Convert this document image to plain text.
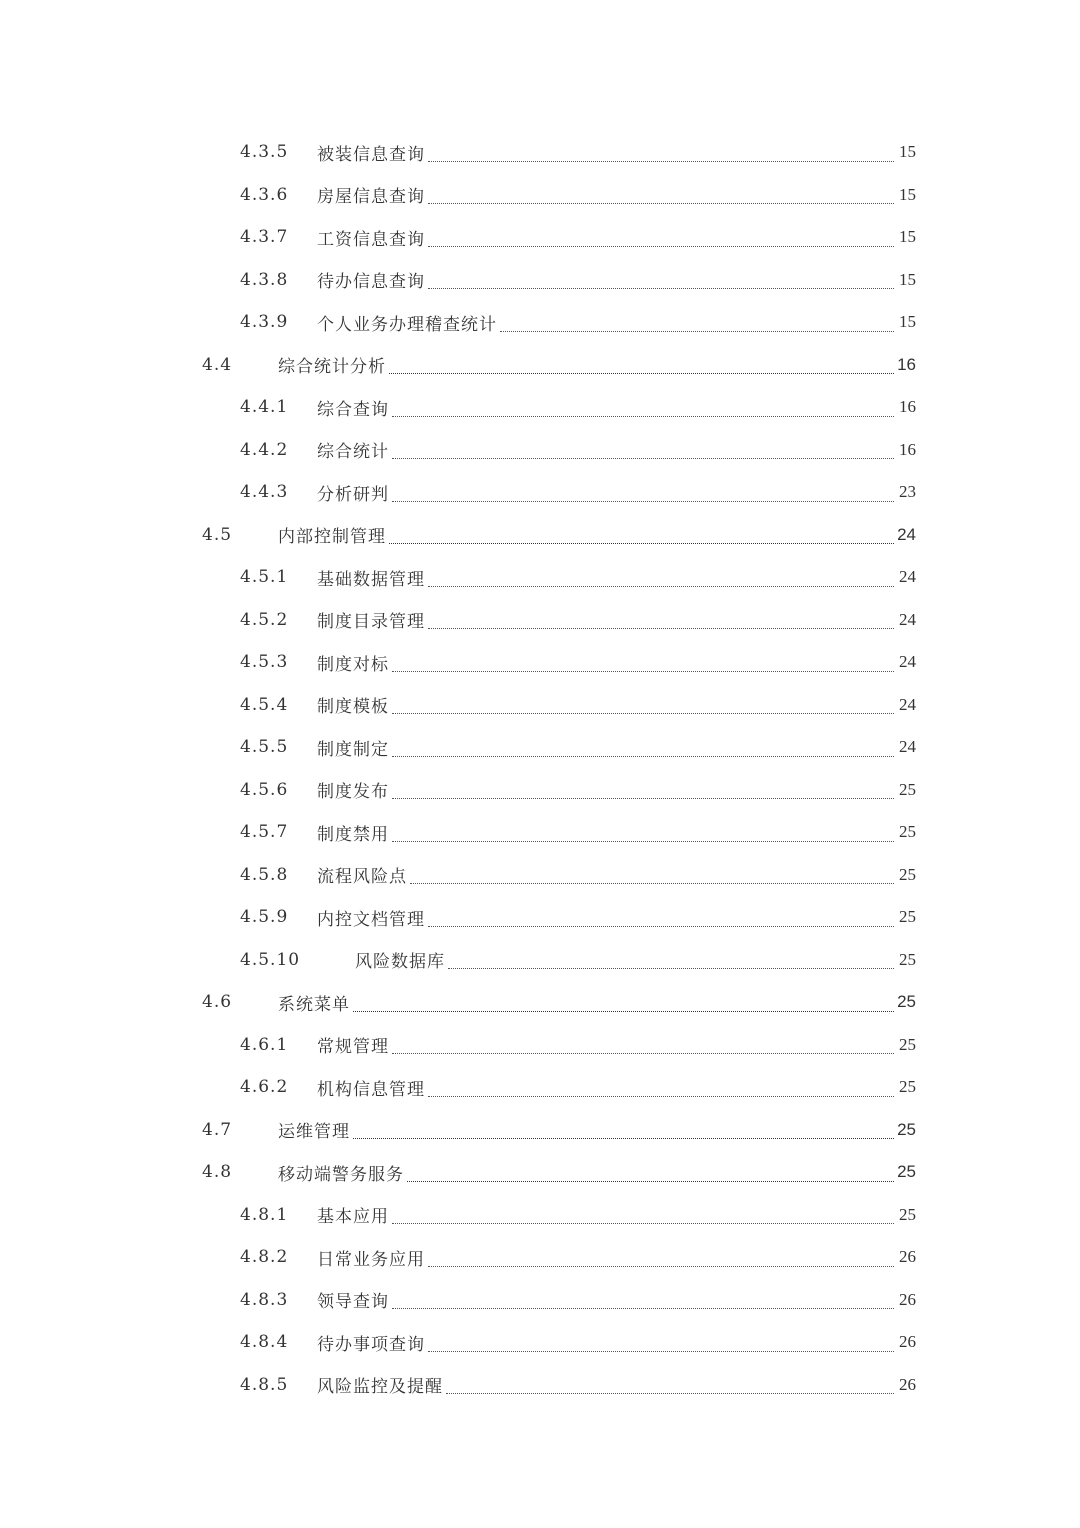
4.3.5 被装信息查询	15
4.3.6 房屋信息查询	15
4.3.7 工资信息查询	15
4.3.8 待办信息查询	15
4.3.9 个人业务办理稽查统计	15
4.4	综合统计分析	16
4.4.1 综合查询	16
4.4.2 综合统计	16
4.4.3 分析研判	23
4.5	内部控制管理	24
4.5.1 基础数据管理	24
4.5.2 制度目录管理	24
4.5.3 制度对标	24
4.5.4 制度模板	24
4.5.5 制度制定	24
4.5.6 制度发布	25
4.5.7 制度禁用	25
4.5.8 流程风险点	25
4.5.9 内控文档管理	25
4.5.10	风险数据库	25
4.6	系统菜单	25
4.6.1 常规管理	25
4.6.2 机构信息管理	25
4.7	运维管理	25
4.8	移动端警务服务	25
4.8.1 基本应用	25
4.8.2 日常业务应用	26
4.8.3 领导查询	26
4.8.4 待办事项查询	26
4.8.5 风险监控及提醒	26
